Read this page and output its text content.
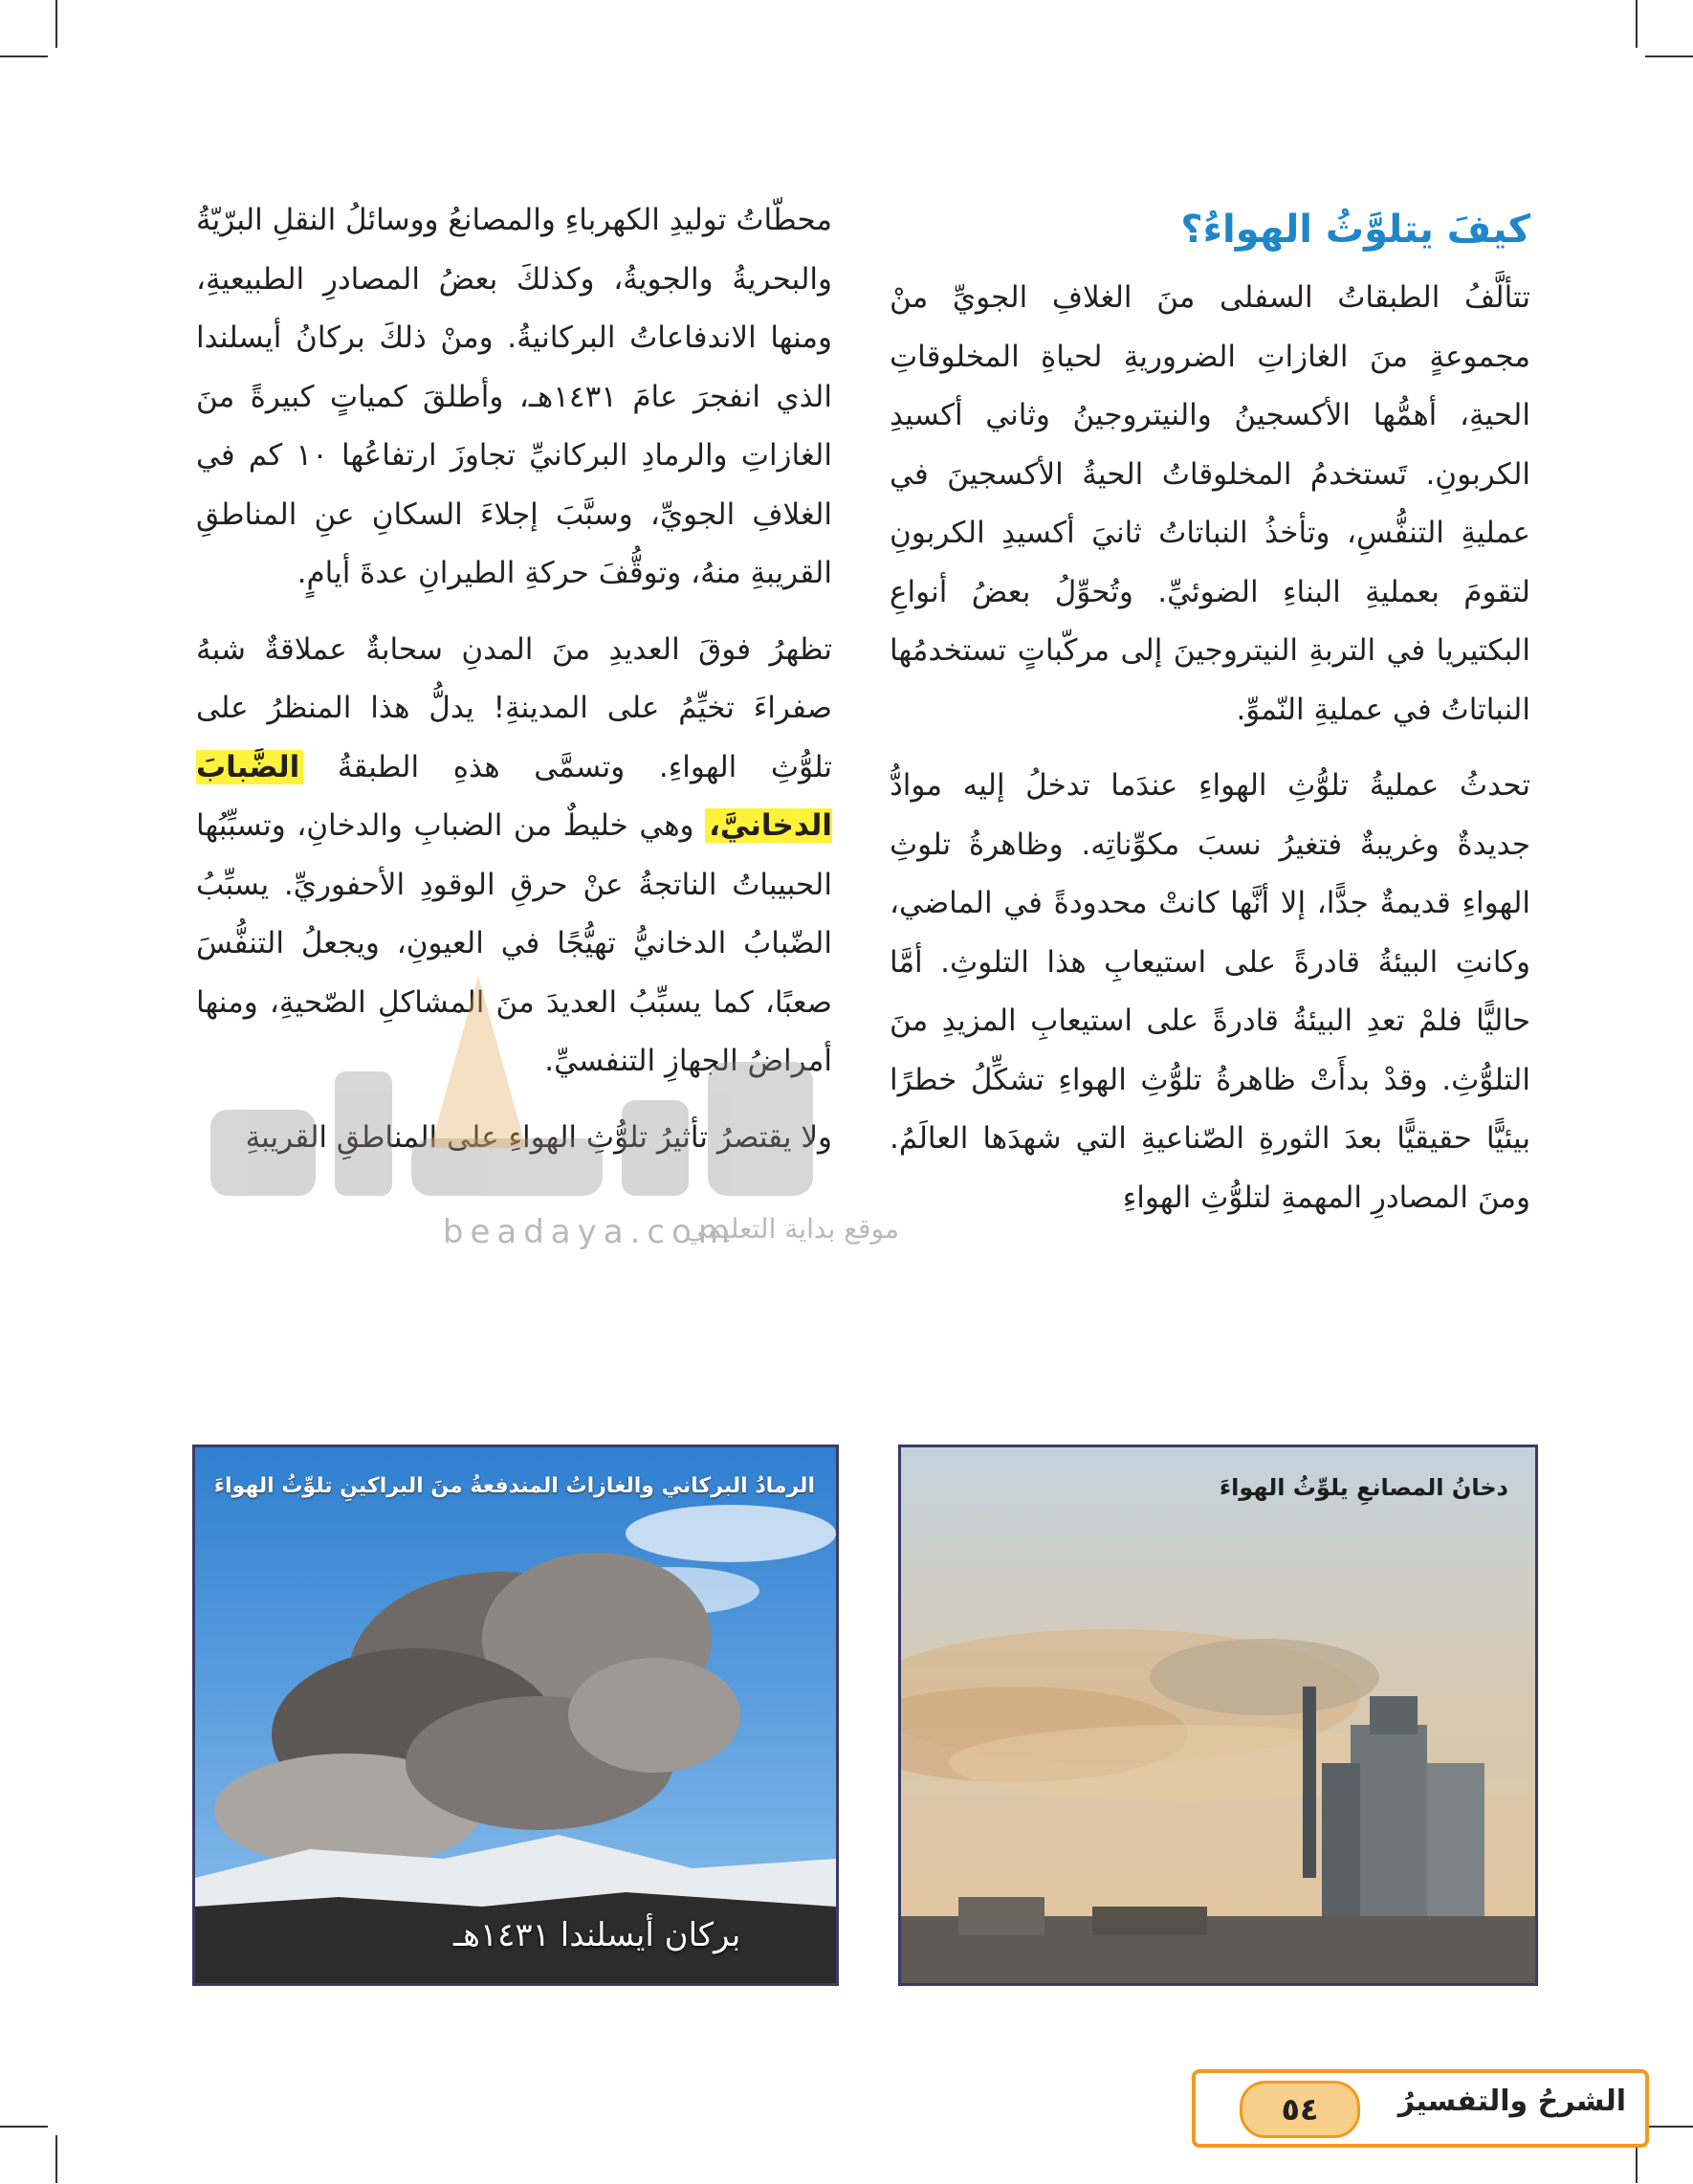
كيفَ يتلوَّثُ الهواءُ؟

تتألَّفُ الطبقاتُ السفلى منَ الغلافِ الجويِّ منْ مجموعةٍ منَ الغازاتِ الضروريةِ لحياةِ المخلوقاتِ الحيةِ، أهمُّها الأكسجينُ والنيتروجينُ وثاني أكسيدِ الكربونِ. تَستخدمُ المخلوقاتُ الحيةُ الأكسجينَ في عمليةِ التنفُّسِ، وتأخذُ النباتاتُ ثانيَ أكسيدِ الكربونِ لتقومَ بعمليةِ البناءِ الضوئيِّ. وتُحوِّلُ بعضُ أنواعِ البكتيريا في التربةِ النيتروجينَ إلى مركّباتٍ تستخدمُها النباتاتُ في عمليةِ النّموِّ.

تحدثُ عمليةُ تلوُّثِ الهواءِ عندَما تدخلُ إليه موادُّ جديدةٌ وغريبةٌ فتغيرُ نسبَ مكوِّناتِه. وظاهرةُ تلوثِ الهواءِ قديمةٌ جدًّا، إلا أنَّها كانتْ محدودةً في الماضي، وكانتِ البيئةُ قادرةً على استيعابِ هذا التلوثِ. أمَّا حاليًّا فلمْ تعدِ البيئةُ قادرةً على استيعابِ المزيدِ منَ التلوُّثِ. وقدْ بدأَتْ ظاهرةُ تلوُّثِ الهواءِ تشكِّلُ خطرًا بيئيًّا حقيقيًّا بعدَ الثورةِ الصّناعيةِ التي شهدَها العالَمُ. ومنَ المصادرِ المهمةِ لتلوُّثِ الهواءِ

محطّاتُ توليدِ الكهرباءِ والمصانعُ ووسائلُ النقلِ البرّيّةُ والبحريةُ والجويةُ، وكذلكَ بعضُ المصادرِ الطبيعيةِ، ومنها الاندفاعاتُ البركانيةُ. ومنْ ذلكَ بركانُ أيسلندا الذي انفجرَ عامَ ١٤٣١هـ، وأطلقَ كمياتٍ كبيرةً منَ الغازاتِ والرمادِ البركانيِّ تجاوزَ ارتفاعُها ١٠ كم في الغلافِ الجويِّ، وسبَّبَ إجلاءَ السكانِ عنِ المناطقِ القريبةِ منهُ، وتوقُّفَ حركةِ الطيرانِ عدةَ أيامٍ.

تظهرُ فوقَ العديدِ منَ المدنِ سحابةٌ عملاقةٌ شبهُ صفراءَ تخيِّمُ على المدينةِ! يدلُّ هذا المنظرُ على تلوُّثِ الهواءِ. وتسمَّى هذهِ الطبقةُ الضَّبابَ الدخانيَّ، وهي خليطٌ من الضبابِ والدخانِ، وتسبِّبُها الحبيباتُ الناتجةُ عنْ حرقِ الوقودِ الأحفوريِّ. يسبِّبُ الضّبابُ الدخانيُّ تهيُّجًا في العيونِ، ويجعلُ التنفُّسَ صعبًا، كما يسبِّبُ العديدَ منَ المشاكلِ الصّحيةِ، ومنها أمراضُ الجهازِ التنفسيِّ.

ولا يقتصرُ تأثيرُ تلوُّثِ الهواءِ على المناطقِ القريبةِ

beadaya.com
موقع بداية التعليمي
دخانُ المصانعِ يلوِّثُ الهواءَ
الرمادُ البركاني والغازاتُ المندفعةُ منَ البراكينِ تلوِّثُ الهواءَ
بركان أيسلندا ١٤٣١هـ
الشرحُ والتفسيرُ
٥٤
